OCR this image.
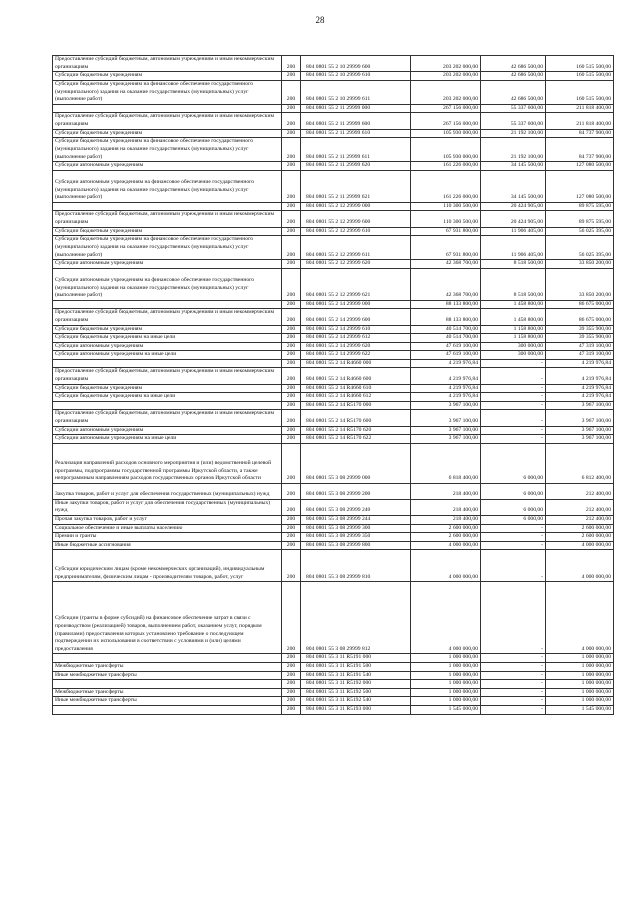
28
Предоставление субсидий бюджетным, автономным учреждениям и иным некоммерческим организациям	200	804 0801 55 2 10 29999 600	203 202 000,00	42 686 500,00	160 515 500,00
Субсидии бюджетным учреждениям	200	804 0801 55 2 10 29999 610	203 202 000,00	42 686 500,00	160 515 500,00
Субсидии бюджетным учреждениям на финансовое обеспечение государственного (муниципального) задания на оказание государственных (муниципальных) услуг (выполнение работ)	200	804 0801 55 2 10 29999 611	203 202 000,00	42 686 500,00	160 515 500,00
	200	804 0801 55 2 11 29999 000	267 156 000,00	55 337 600,00	211 818 400,00
Предоставление субсидий бюджетным, автономным учреждениям и иным некоммерческим организациям	200	804 0801 55 2 11 29999 600	267 156 000,00	55 337 600,00	211 818 400,00
Субсидии бюджетным учреждениям	200	804 0801 55 2 11 29999 610	105 930 000,00	21 192 100,00	84 737 900,00
Субсидии бюджетным учреждениям на финансовое обеспечение государственного (муниципального) задания на оказание государственных (муниципальных) услуг (выполнение работ)	200	804 0801 55 2 11 29999 611	105 930 000,00	21 192 100,00	84 737 900,00
Субсидии автономным учреждениям	200	804 0801 55 2 11 29999 620	161 226 000,00	34 145 500,00	127 080 500,00
Субсидии автономным учреждениям на финансовое обеспечение государственного (муниципального) задания на оказание государственных (муниципальных) услуг (выполнение работ)	200	804 0801 55 2 11 29999 621	161 226 000,00	34 145 500,00	127 080 500,00
	200	804 0801 55 2 12 29999 000	110 300 500,00	20 424 905,00	89 875 595,00
Предоставление субсидий бюджетным, автономным учреждениям и иным некоммерческим организациям	200	804 0801 55 2 12 29999 600	110 300 500,00	20 424 905,00	89 875 595,00
Субсидии бюджетным учреждениям	200	804 0801 55 2 12 29999 610	67 931 800,00	11 906 405,00	56 025 395,00
Субсидии бюджетным учреждениям на финансовое обеспечение государственного (муниципального) задания на оказание государственных (муниципальных) услуг (выполнение работ)	200	804 0801 55 2 12 29999 611	67 931 800,00	11 906 405,00	56 025 395,00
Субсидии автономным учреждениям	200	804 0801 55 2 12 29999 620	42 368 700,00	8 518 500,00	33 850 200,00
Субсидии автономным учреждениям на финансовое обеспечение государственного (муниципального) задания на оказание государственных (муниципальных) услуг (выполнение работ)	200	804 0801 55 2 12 29999 621	42 368 700,00	8 518 500,00	33 850 200,00
	200	804 0801 55 2 14 29999 000	88 133 800,00	1 458 800,00	86 675 000,00
Предоставление субсидий бюджетным, автономным учреждениям и иным некоммерческим организациям	200	804 0801 55 2 14 29999 600	88 133 800,00	1 458 800,00	86 675 000,00
Субсидии бюджетным учреждениям	200	804 0801 55 2 14 29999 610	40 514 700,00	1 158 800,00	39 355 900,00
Субсидии бюджетным учреждениям на иные цели	200	804 0801 55 2 14 29999 612	40 514 700,00	1 158 800,00	39 355 900,00
Субсидии автономным учреждениям	200	804 0801 55 2 14 29999 620	47 619 100,00	300 000,00	47 319 100,00
Субсидии автономным учреждениям на иные цели	200	804 0801 55 2 14 29999 622	47 619 100,00	300 000,00	47 319 100,00
	200	804 0801 55 2 14 R4660 000	4 219 976,84	-	4 219 976,84
Предоставление субсидий бюджетным, автономным учреждениям и иным некоммерческим организациям	200	804 0801 55 2 14 R4660 600	4 219 976,84	-	4 219 976,84
Субсидии бюджетным учреждениям	200	804 0801 55 2 14 R4660 610	4 219 976,84	-	4 219 976,84
Субсидии бюджетным учреждениям на иные цели	200	804 0801 55 2 14 R4660 612	4 219 976,84	-	4 219 976,84
	200	804 0801 55 2 14 R5170 000	3 967 100,00	-	3 967 100,00
Предоставление субсидий бюджетным, автономным учреждениям и иным некоммерческим организациям	200	804 0801 55 2 14 R5170 600	3 967 100,00	-	3 967 100,00
Субсидии автономным учреждениям	200	804 0801 55 2 14 R5170 620	3 967 100,00	-	3 967 100,00
Субсидии автономным учреждениям на иные цели	200	804 0801 55 2 14 R5170 622	3 967 100,00	-	3 967 100,00
Реализация направлений расходов основного мероприятия и (или) ведомственной целевой программы, подпрограммы государственной программы Иркутской области, а также непрограммным направлениям расходов государственных органов Иркутской области	200	804 0801 55 3 08 29999 000	6 818 400,00	6 000,00	6 812 400,00
Закупка товаров, работ и услуг для обеспечения государственных (муниципальных) нужд	200	804 0801 55 3 08 29999 200	218 400,00	6 000,00	212 400,00
Иные закупки товаров, работ и услуг для обеспечения государственных (муниципальных) нужд	200	804 0801 55 3 08 29999 240	218 400,00	6 000,00	212 400,00
Прочая закупка товаров, работ и услуг	200	804 0801 55 3 08 29999 244	218 400,00	6 000,00	212 400,00
Социальное обеспечение и иные выплаты населению	200	804 0801 55 3 08 29999 300	2 600 000,00	-	2 600 000,00
Премии и гранты	200	804 0801 55 3 08 29999 350	2 600 000,00	-	2 600 000,00
Иные бюджетные ассигнования	200	804 0801 55 3 08 29999 800	4 000 000,00	-	4 000 000,00
Субсидии юридическим лицам (кроме некоммерческих организаций), индивидуальным предпринимателям, физическим лицам - производителям товаров, работ, услуг	200	804 0801 55 3 08 29999 810	4 000 000,00	-	4 000 000,00
Субсидии (гранты в форме субсидий) на финансовое обеспечение затрат в связи с производством (реализацией) товаров, выполнением работ, оказанием услуг, порядком (правилами) предоставления которых установлено требование о последующем подтверждении их использования в соответствии с условиями и (или) целями предоставления	200	804 0801 55 3 08 29999 812	4 000 000,00	-	4 000 000,00
	200	804 0801 55 3 11 R5191 000	1 000 000,00	-	1 000 000,00
Межбюджетные трансферты	200	804 0801 55 3 11 R5191 500	1 000 000,00	-	1 000 000,00
Иные межбюджетные трансферты	200	804 0801 55 3 11 R5191 540	1 000 000,00	-	1 000 000,00
	200	804 0801 55 3 11 R5192 000	1 000 000,00	-	1 000 000,00
Межбюджетные трансферты	200	804 0801 55 3 11 R5192 500	1 000 000,00	-	1 000 000,00
Иные межбюджетные трансферты	200	804 0801 55 3 11 R5192 540	1 000 000,00	-	1 000 000,00
	200	804 0801 55 3 11 R5193 000	1 545 000,00	-	1 545 000,00
